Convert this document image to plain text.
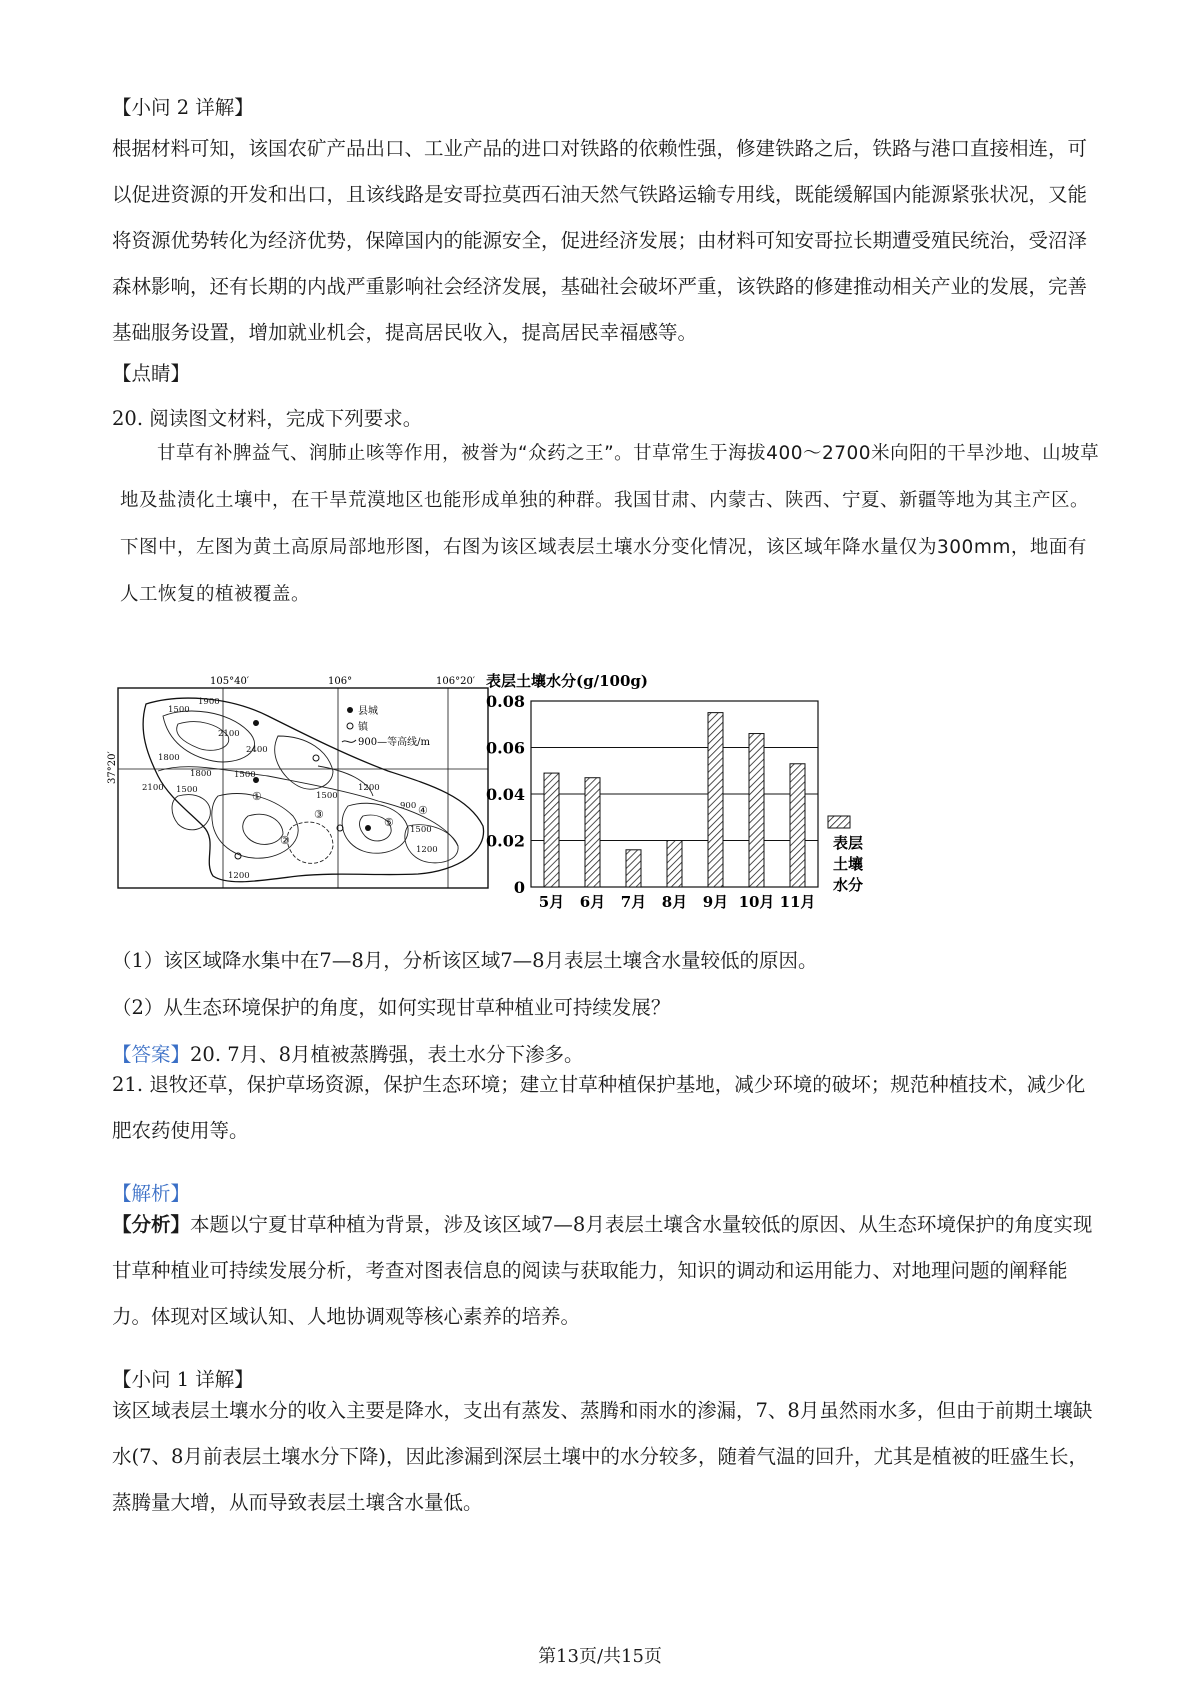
【小问 2 详解】

根据材料可知，该国农矿产品出口、工业产品的进口对铁路的依赖性强，修建铁路之后，铁路与港口直接相连，可以促进资源的开发和出口，且该线路是安哥拉莫西石油天然气铁路运输专用线，既能缓解国内能源紧张状况，又能将资源优势转化为经济优势，保障国内的能源安全，促进经济发展；由材料可知安哥拉长期遭受殖民统治，受沼泽森林影响，还有长期的内战严重影响社会经济发展，基础社会破坏严重，该铁路的修建推动相关产业的发展，完善基础服务设置，增加就业机会，提高居民收入，提高居民幸福感等。

【点睛】
20. 阅读图文材料，完成下列要求。

甘草有补脾益气、润肺止咳等作用，被誉为“众药之王”。甘草常生于海拔400～2700米向阳的干旱沙地、山坡草地及盐渍化土壤中，在干旱荒漠地区也能形成单独的种群。我国甘肃、内蒙古、陕西、宁夏、新疆等地为其主产区。下图中，左图为黄土高原局部地形图，右图为该区域表层土壤水分变化情况，该区域年降水量仅为300mm，地面有人工恢复的植被覆盖。

县城
镇
900—等高线/m
105°40′	106°	106°20′
37°20′
1500
1900
2100
2400
1800
1800	1500
2100 1500
1500
1200
900
1500
1200
1200
①
②
③	④
⑤
表层土壤水分(g/100g)
0
0.02
0.04
0.06
0.08
5月 6月 7月 8月 9月 10月 11月
表层
土壤
水分
（1）该区域降水集中在7—8月，分析该区域7—8月表层土壤含水量较低的原因。
（2）从生态环境保护的角度，如何实现甘草种植业可持续发展？
【答案】20. 7月、8月植被蒸腾强，表土水分下渗多。

21. 退牧还草，保护草场资源，保护生态环境；建立甘草种植保护基地，减少环境的破坏；规范种植技术，减少化肥农药使用等。

【解析】

【分析】本题以宁夏甘草种植为背景，涉及该区域7—8月表层土壤含水量较低的原因、从生态环境保护的角度实现甘草种植业可持续发展分析，考查对图表信息的阅读与获取能力，知识的调动和运用能力、对地理问题的阐释能力。体现对区域认知、人地协调观等核心素养的培养。

【小问 1 详解】

该区域表层土壤水分的收入主要是降水，支出有蒸发、蒸腾和雨水的渗漏，7、8月虽然雨水多，但由于前期土壤缺水(7、8月前表层土壤水分下降)，因此渗漏到深层土壤中的水分较多，随着气温的回升，尤其是植被的旺盛生长，蒸腾量大增，从而导致表层土壤含水量低。

第13页/共15页
